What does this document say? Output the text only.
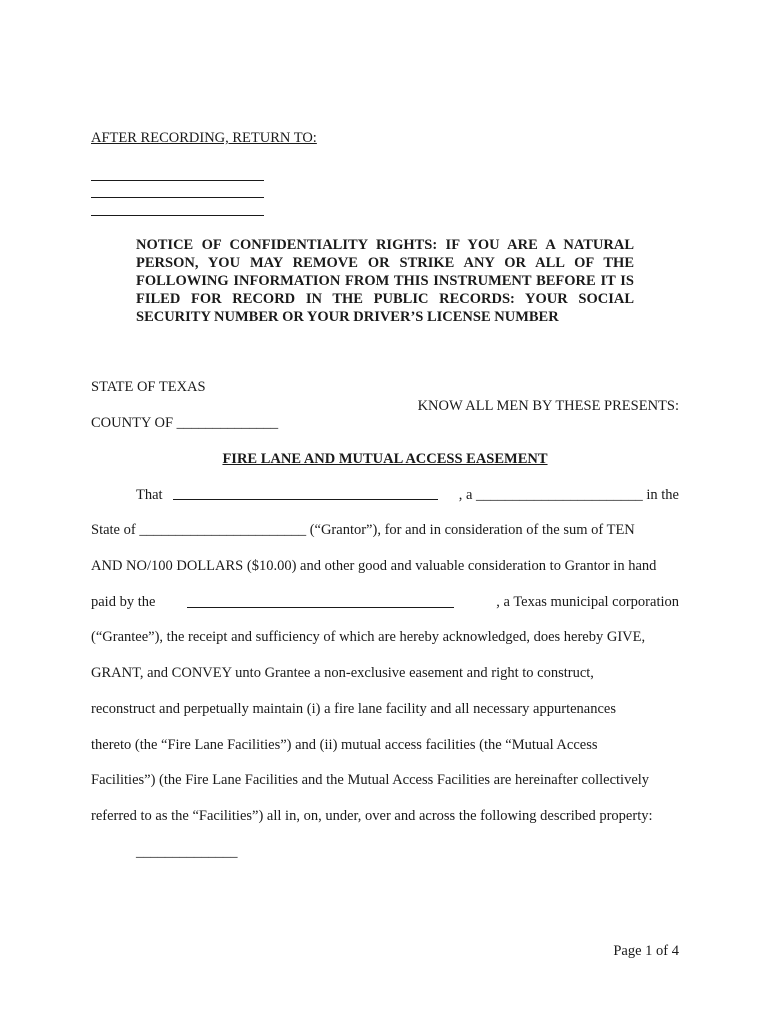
AFTER RECORDING, RETURN TO:
NOTICE OF CONFIDENTIALITY RIGHTS: IF YOU ARE A NATURAL PERSON, YOU MAY REMOVE OR STRIKE ANY OR ALL OF THE FOLLOWING INFORMATION FROM THIS INSTRUMENT BEFORE IT IS FILED FOR RECORD IN THE PUBLIC RECORDS: YOUR SOCIAL SECURITY NUMBER OR YOUR DRIVER’S LICENSE NUMBER
STATE OF TEXAS
KNOW ALL MEN BY THESE PRESENTS:
COUNTY OF ______________
FIRE LANE AND MUTUAL ACCESS EASEMENT
That	, a _______________________ in the
State of _______________________ (“Grantor”), for and in consideration of the sum of TEN
AND NO/100 DOLLARS ($10.00) and other good and valuable consideration to Grantor in hand
paid by the	, a Texas municipal corporation
(“Grantee”), the receipt and sufficiency of which are hereby acknowledged, does hereby GIVE,
GRANT, and CONVEY unto Grantee a non-exclusive easement and right to construct,
reconstruct and perpetually maintain (i) a fire lane facility and all necessary appurtenances
thereto (the “Fire Lane Facilities”) and (ii) mutual access facilities (the “Mutual Access
Facilities”) (the Fire Lane Facilities and the Mutual Access Facilities are hereinafter collectively
referred to as the “Facilities”) all in, on, under, over and across the following described property:
______________
Page 1 of 4
